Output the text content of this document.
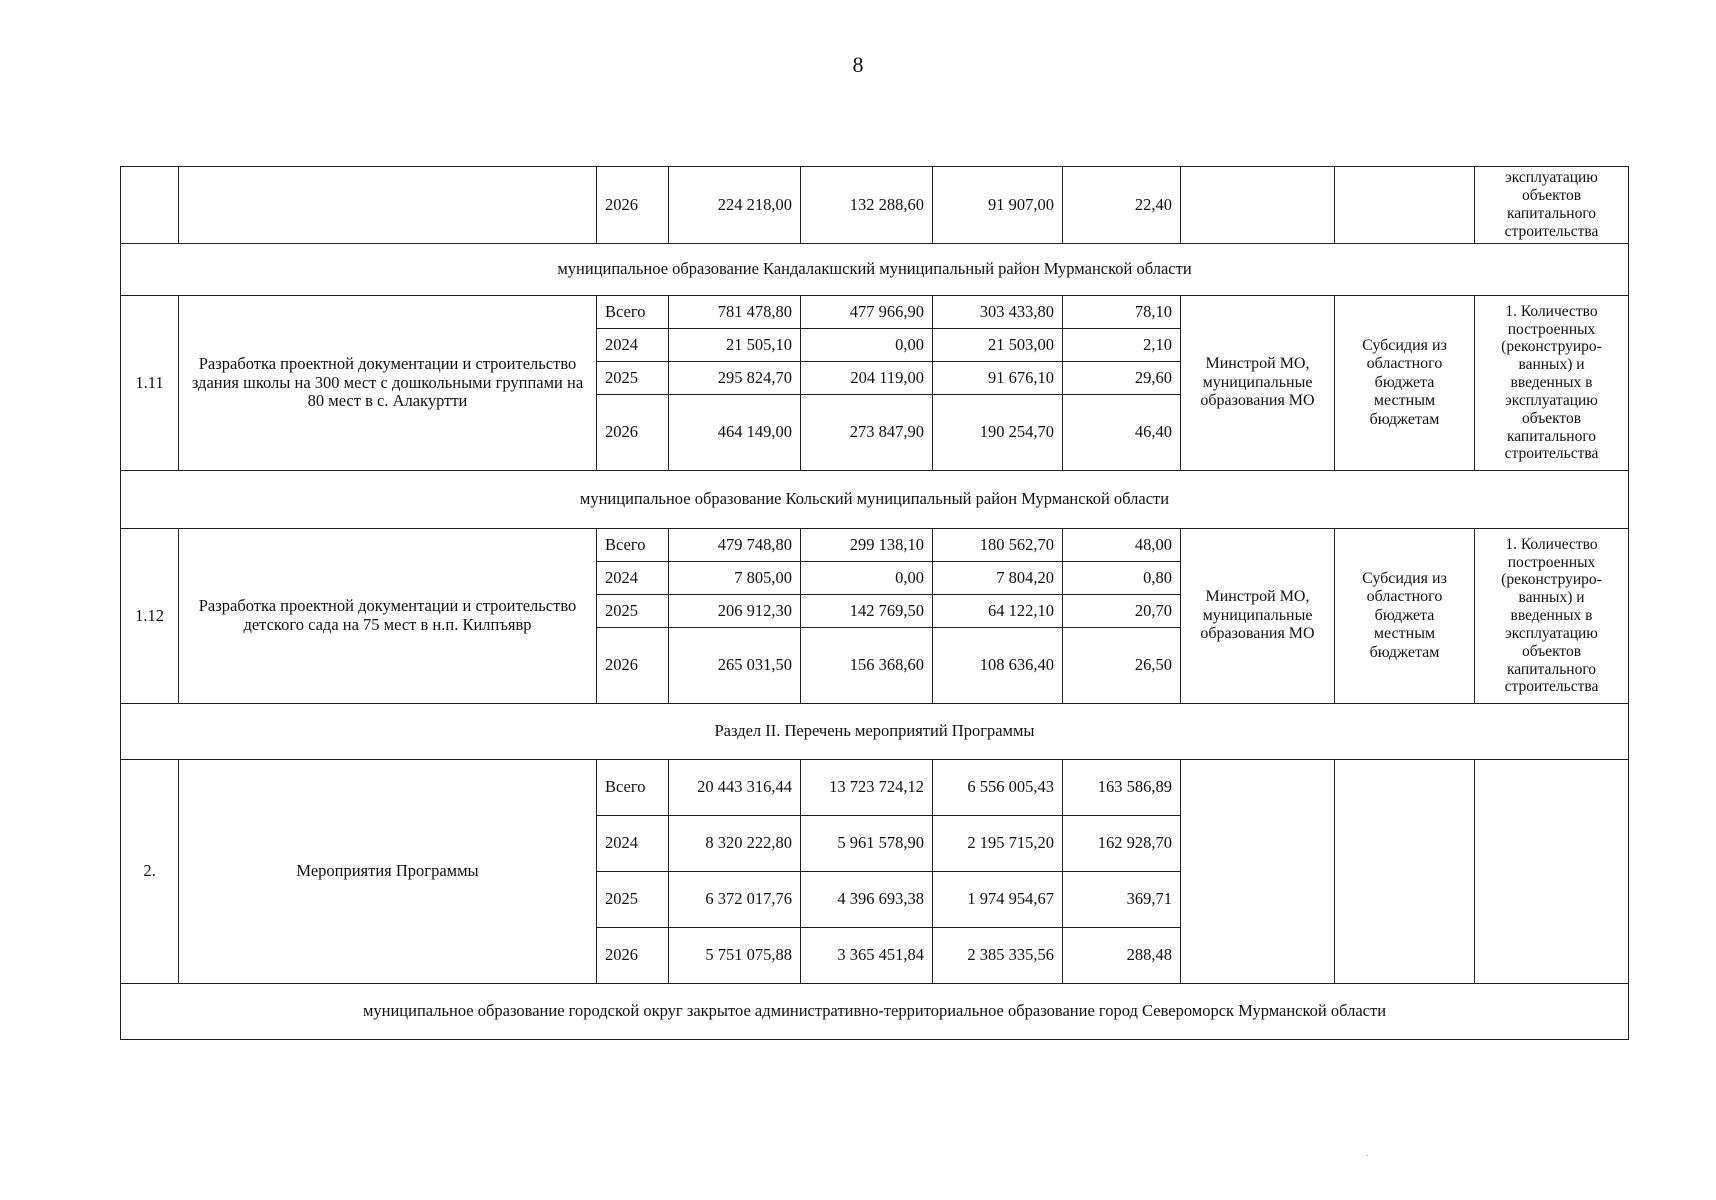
8
		2026	224 218,00	132 288,60	91 907,00	22,40			эксплуатацию объектов капитального строительства
муниципальное образование Кандалакшский муниципальный район Мурманской области									
1.11	Разработка проектной документации и строительство здания школы на 300 мест с дошкольными группами на 80 мест в с. Алакуртти	Всего	781 478,80	477 966,90	303 433,80	78,10	Минстрой МО, муниципальные образования МО	Субсидия из областного бюджета местным бюджетам	1. Количество построенных (реконструиро-ванных) и введенных в эксплуатацию объектов капитального строительства
		2024	21 505,10	0,00	21 503,00	2,10			
		2025	295 824,70	204 119,00	91 676,10	29,60			
		2026	464 149,00	273 847,90	190 254,70	46,40			
муниципальное образование Кольский муниципальный район Мурманской области									
1.12	Разработка проектной документации и строительство детского сада на 75 мест в н.п. Килпъявр	Всего	479 748,80	299 138,10	180 562,70	48,00	Минстрой МО, муниципальные образования МО	Субсидия из областного бюджета местным бюджетам	1. Количество построенных (реконструиро-ванных) и введенных в эксплуатацию объектов капитального строительства
		2024	7 805,00	0,00	7 804,20	0,80			
		2025	206 912,30	142 769,50	64 122,10	20,70			
		2026	265 031,50	156 368,60	108 636,40	26,50			
Раздел II. Перечень мероприятий Программы									
2.	Мероприятия Программы	Всего	20 443 316,44	13 723 724,12	6 556 005,43	163 586,89			
		2024	8 320 222,80	5 961 578,90	2 195 715,20	162 928,70			
		2025	6 372 017,76	4 396 693,38	1 974 954,67	369,71			
		2026	5 751 075,88	3 365 451,84	2 385 335,56	288,48			
муниципальное образование городской округ закрытое административно-территориальное образование город Североморск Мурманской области									
